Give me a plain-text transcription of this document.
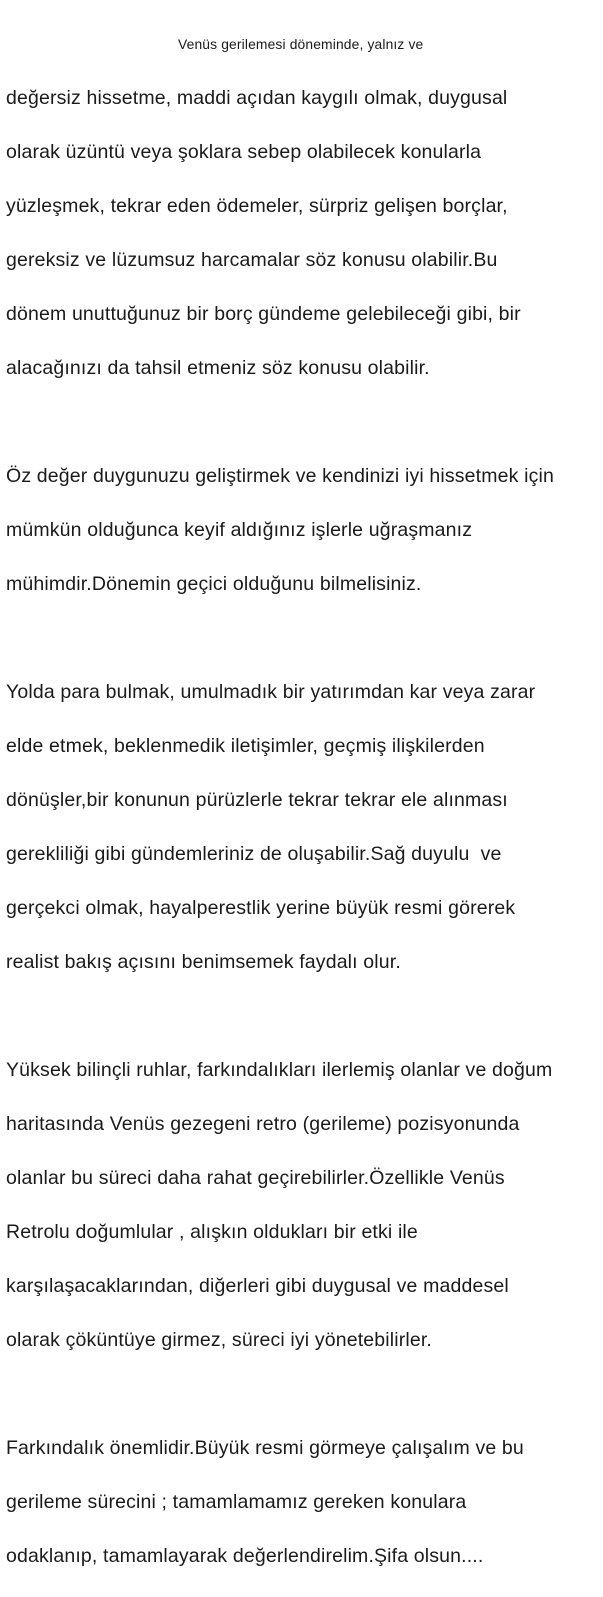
Venüs gerilemesi döneminde, yalnız ve

değersiz hissetme, maddi açıdan kaygılı olmak, duygusal

olarak üzüntü veya şoklara sebep olabilecek konularla

yüzleşmek, tekrar eden ödemeler, sürpriz gelişen borçlar,

gereksiz ve lüzumsuz harcamalar söz konusu olabilir.Bu

dönem unuttuğunuz bir borç gündeme gelebileceği gibi, bir

alacağınızı da tahsil etmeniz söz konusu olabilir.

Öz değer duygunuzu geliştirmek ve kendinizi iyi hissetmek için

mümkün olduğunca keyif aldığınız işlerle uğraşmanız

mühimdir.Dönemin geçici olduğunu bilmelisiniz.

Yolda para bulmak, umulmadık bir yatırımdan kar veya zarar

elde etmek, beklenmedik iletişimler, geçmiş ilişkilerden

dönüşler,bir konunun pürüzlerle tekrar tekrar ele alınması

gerekliliği gibi gündemleriniz de oluşabilir.Sağ duyulu  ve

gerçekci olmak, hayalperestlik yerine büyük resmi görerek

realist bakış açısını benimsemek faydalı olur.

Yüksek bilinçli ruhlar, farkındalıkları ilerlemiş olanlar ve doğum

haritasında Venüs gezegeni retro (gerileme) pozisyonunda

olanlar bu süreci daha rahat geçirebilirler.Özellikle Venüs

Retrolu doğumlular , alışkın oldukları bir etki ile

karşılaşacaklarından, diğerleri gibi duygusal ve maddesel

olarak çöküntüye girmez, süreci iyi yönetebilirler.

Farkındalık önemlidir.Büyük resmi görmeye çalışalım ve bu

gerileme sürecini ; tamamlamamız gereken konulara

odaklanıp, tamamlayarak değerlendirelim.Şifa olsun....
